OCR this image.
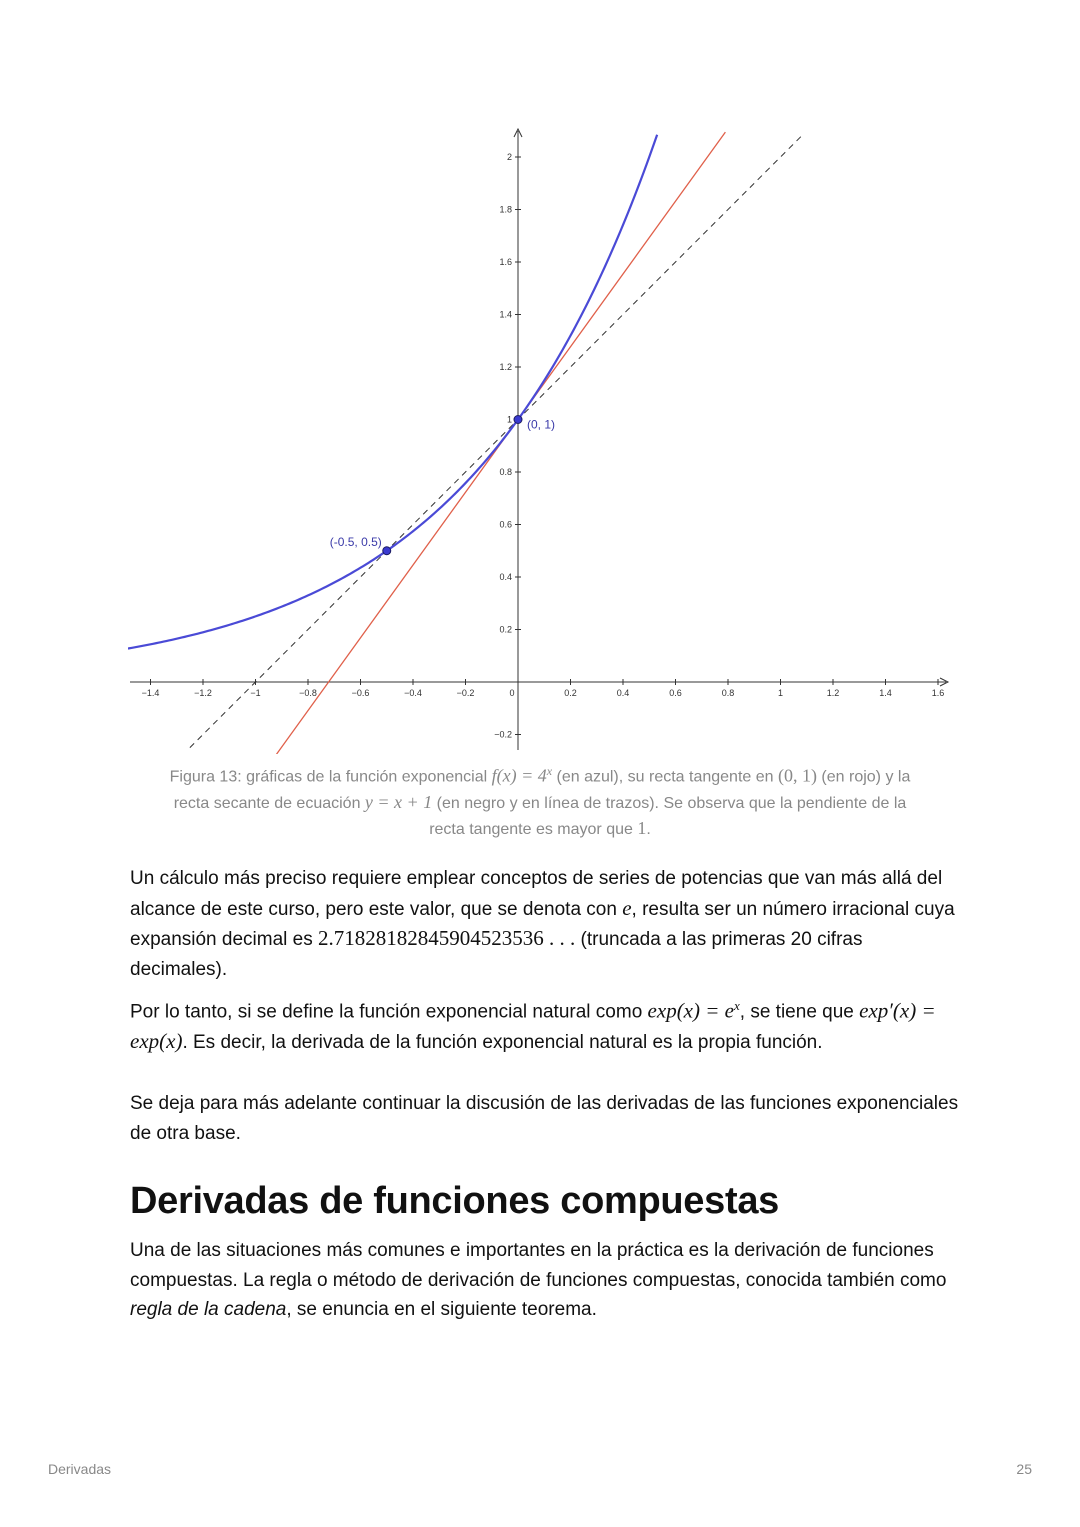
−1.4	−1.2	−1	−0.8	−0.6	−0.4	−0.2	0	0.2	0.4	0.6	0.8	1	1.2	1.4	1.6
2
1.8
1.6
1.4
1.2
1
0.8
0.6
0.4
0.2
−0.2
(0, 1)
(-0.5, 0.5)
Figura 13: gráficas de la función exponencial $f(x) = 4^x$ (en azul), su recta tangente en (0, 1) (en rojo) y la
recta secante de ecuación y = x + 1 (en negro y en línea de trazos). Se observa que la pendiente de la
recta tangente es mayor que 1.

Un cálculo más preciso requiere emplear conceptos de series de potencias que van más allá del alcance de este curso, pero este valor, que se denota con e, resulta ser un número irracional cuya expansión decimal es 2.71828182845904523536 . . . (truncada a las primeras 20 cifras decimales).

Por lo tanto, si se define la función exponencial natural como $\exp(x) = e^x$, se tiene que exp′(x) = exp(x). Es decir, la derivada de la función exponencial natural es la propia función.

Se deja para más adelante continuar la discusión de las derivadas de las funciones exponenciales de otra base.

Derivadas de funciones compuestas

Una de las situaciones más comunes e importantes en la práctica es la derivación de funciones compuestas. La regla o método de derivación de funciones compuestas, conocida también como regla de la cadena, se enuncia en el siguiente teorema.

Derivadas	25
